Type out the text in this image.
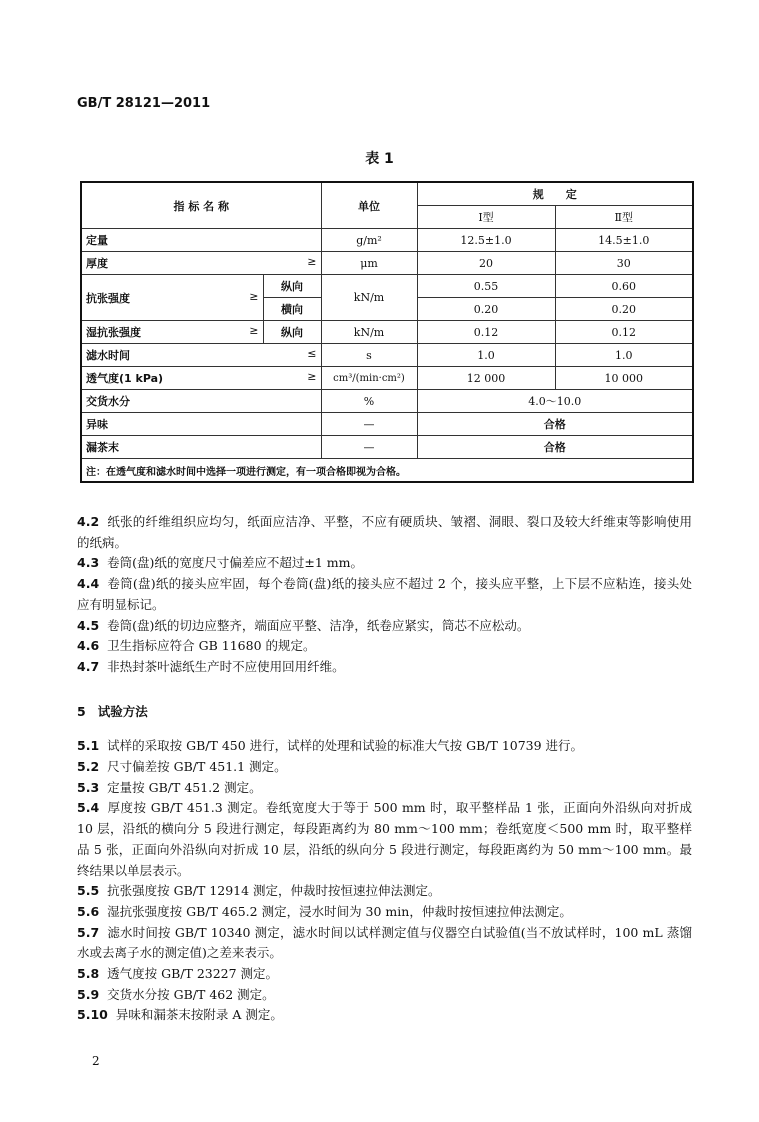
GB/T 28121—2011
表 1
指 标 名 称		单位	规　　定	
			Ⅰ型	Ⅱ型
定量		g/m²	12.5±1.0	14.5±1.0
厚度 ≥		μm	20	30
抗张强度 ≥	纵向	kN/m	0.55	0.60
	横向		0.20	0.20
湿抗张强度 ≥	纵向	kN/m	0.12	0.12
滤水时间 ≤		s	1.0	1.0
透气度(1 kPa) ≥		cm³/(min·cm²)	12 000	10 000
交货水分		%	4.0～10.0	
异味		—	合格	
漏茶末		—	合格	
注：在透气度和滤水时间中选择一项进行测定，有一项合格即视为合格。				

4.2 纸张的纤维组织应均匀，纸面应洁净、平整，不应有硬质块、皱褶、洞眼、裂口及较大纤维束等影响使用的纸病。

4.3 卷筒(盘)纸的宽度尺寸偏差应不超过±1 mm。

4.4 卷筒(盘)纸的接头应牢固，每个卷筒(盘)纸的接头应不超过 2 个，接头应平整，上下层不应粘连，接头处应有明显标记。

4.5 卷筒(盘)纸的切边应整齐，端面应平整、洁净，纸卷应紧实，筒芯不应松动。

4.6 卫生指标应符合 GB 11680 的规定。

4.7 非热封茶叶滤纸生产时不应使用回用纤维。

5 试验方法

5.1 试样的采取按 GB/T 450 进行，试样的处理和试验的标准大气按 GB/T 10739 进行。

5.2 尺寸偏差按 GB/T 451.1 测定。

5.3 定量按 GB/T 451.2 测定。

5.4 厚度按 GB/T 451.3 测定。卷纸宽度大于等于 500 mm 时，取平整样品 1 张，正面向外沿纵向对折成 10 层，沿纸的横向分 5 段进行测定，每段距离约为 80 mm～100 mm；卷纸宽度＜500 mm 时，取平整样品 5 张，正面向外沿纵向对折成 10 层，沿纸的纵向分 5 段进行测定，每段距离约为 50 mm～100 mm。最终结果以单层表示。

5.5 抗张强度按 GB/T 12914 测定，仲裁时按恒速拉伸法测定。

5.6 湿抗张强度按 GB/T 465.2 测定，浸水时间为 30 min，仲裁时按恒速拉伸法测定。

5.7 滤水时间按 GB/T 10340 测定，滤水时间以试样测定值与仪器空白试验值(当不放试样时，100 mL 蒸馏水或去离子水的测定值)之差来表示。

5.8 透气度按 GB/T 23227 测定。

5.9 交货水分按 GB/T 462 测定。

5.10 异味和漏茶末按附录 A 测定。

2
